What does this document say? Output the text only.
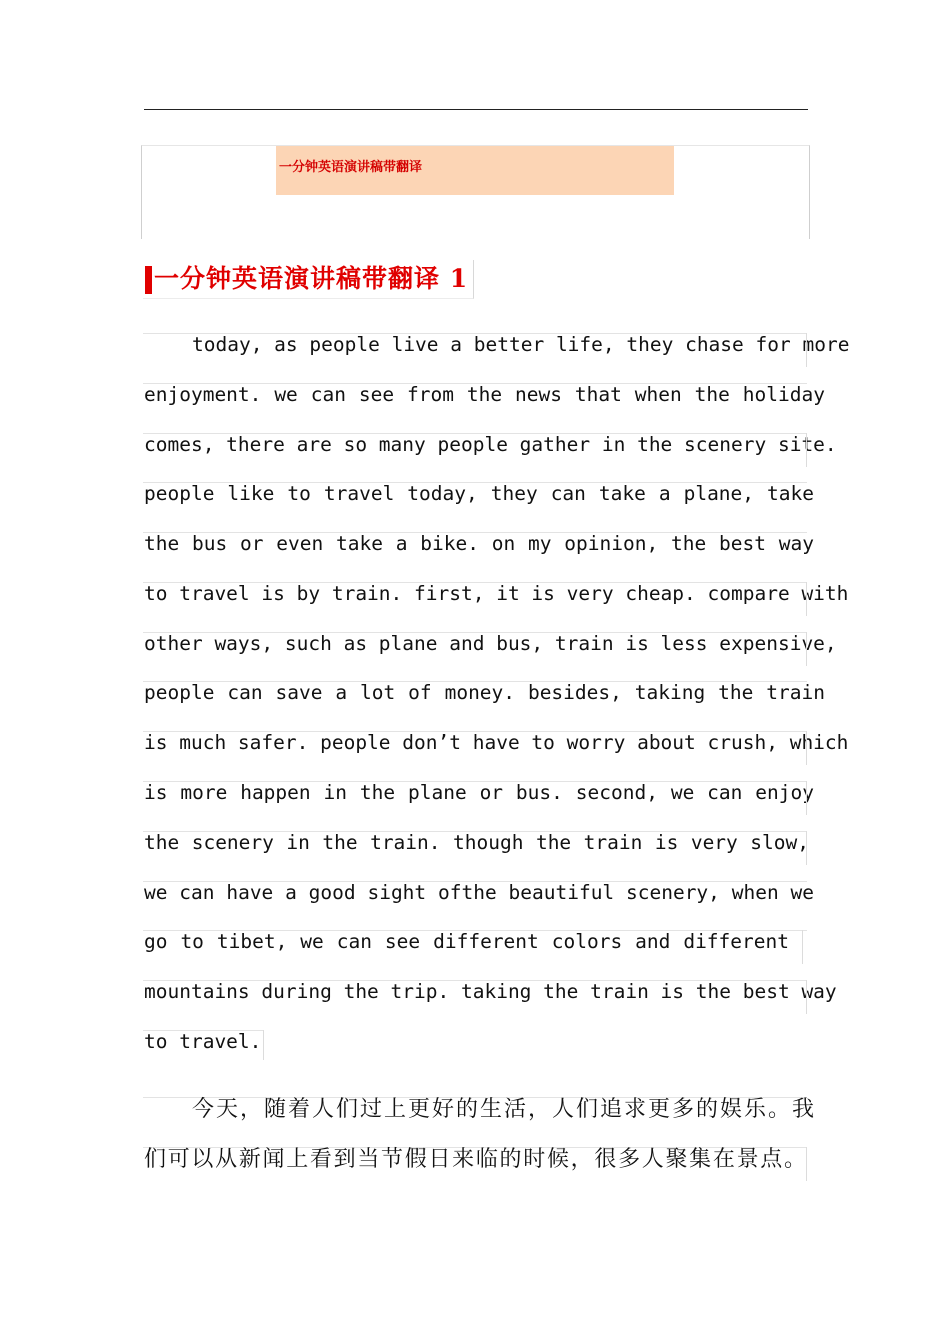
一分钟英语演讲稿带翻译
一分钟英语演讲稿带翻译 1
today, as people live a better life, they chase for more
enjoyment. we can see from the news that when the holiday
comes, there are so many people gather in the scenery site.
people like to travel today, they can take a plane, take
the bus or even take a bike. on my opinion, the best way
to travel is by train. first, it is very cheap. compare with
other ways, such as plane and bus, train is less expensive,
people can save a lot of money. besides, taking the train
is much safer. people don’t have to worry about crush, which
is more happen in the plane or bus. second, we can enjoy
the scenery in the train. though the train is very slow,
we can have a good sight ofthe beautiful scenery, when we
go to tibet, we can see different colors and different
mountains during the trip. taking the train is the best way
to travel.
今天，随着人们过上更好的生活，人们追求更多的娱乐。我
们可以从新闻上看到当节假日来临的时候，很多人聚集在景点。
